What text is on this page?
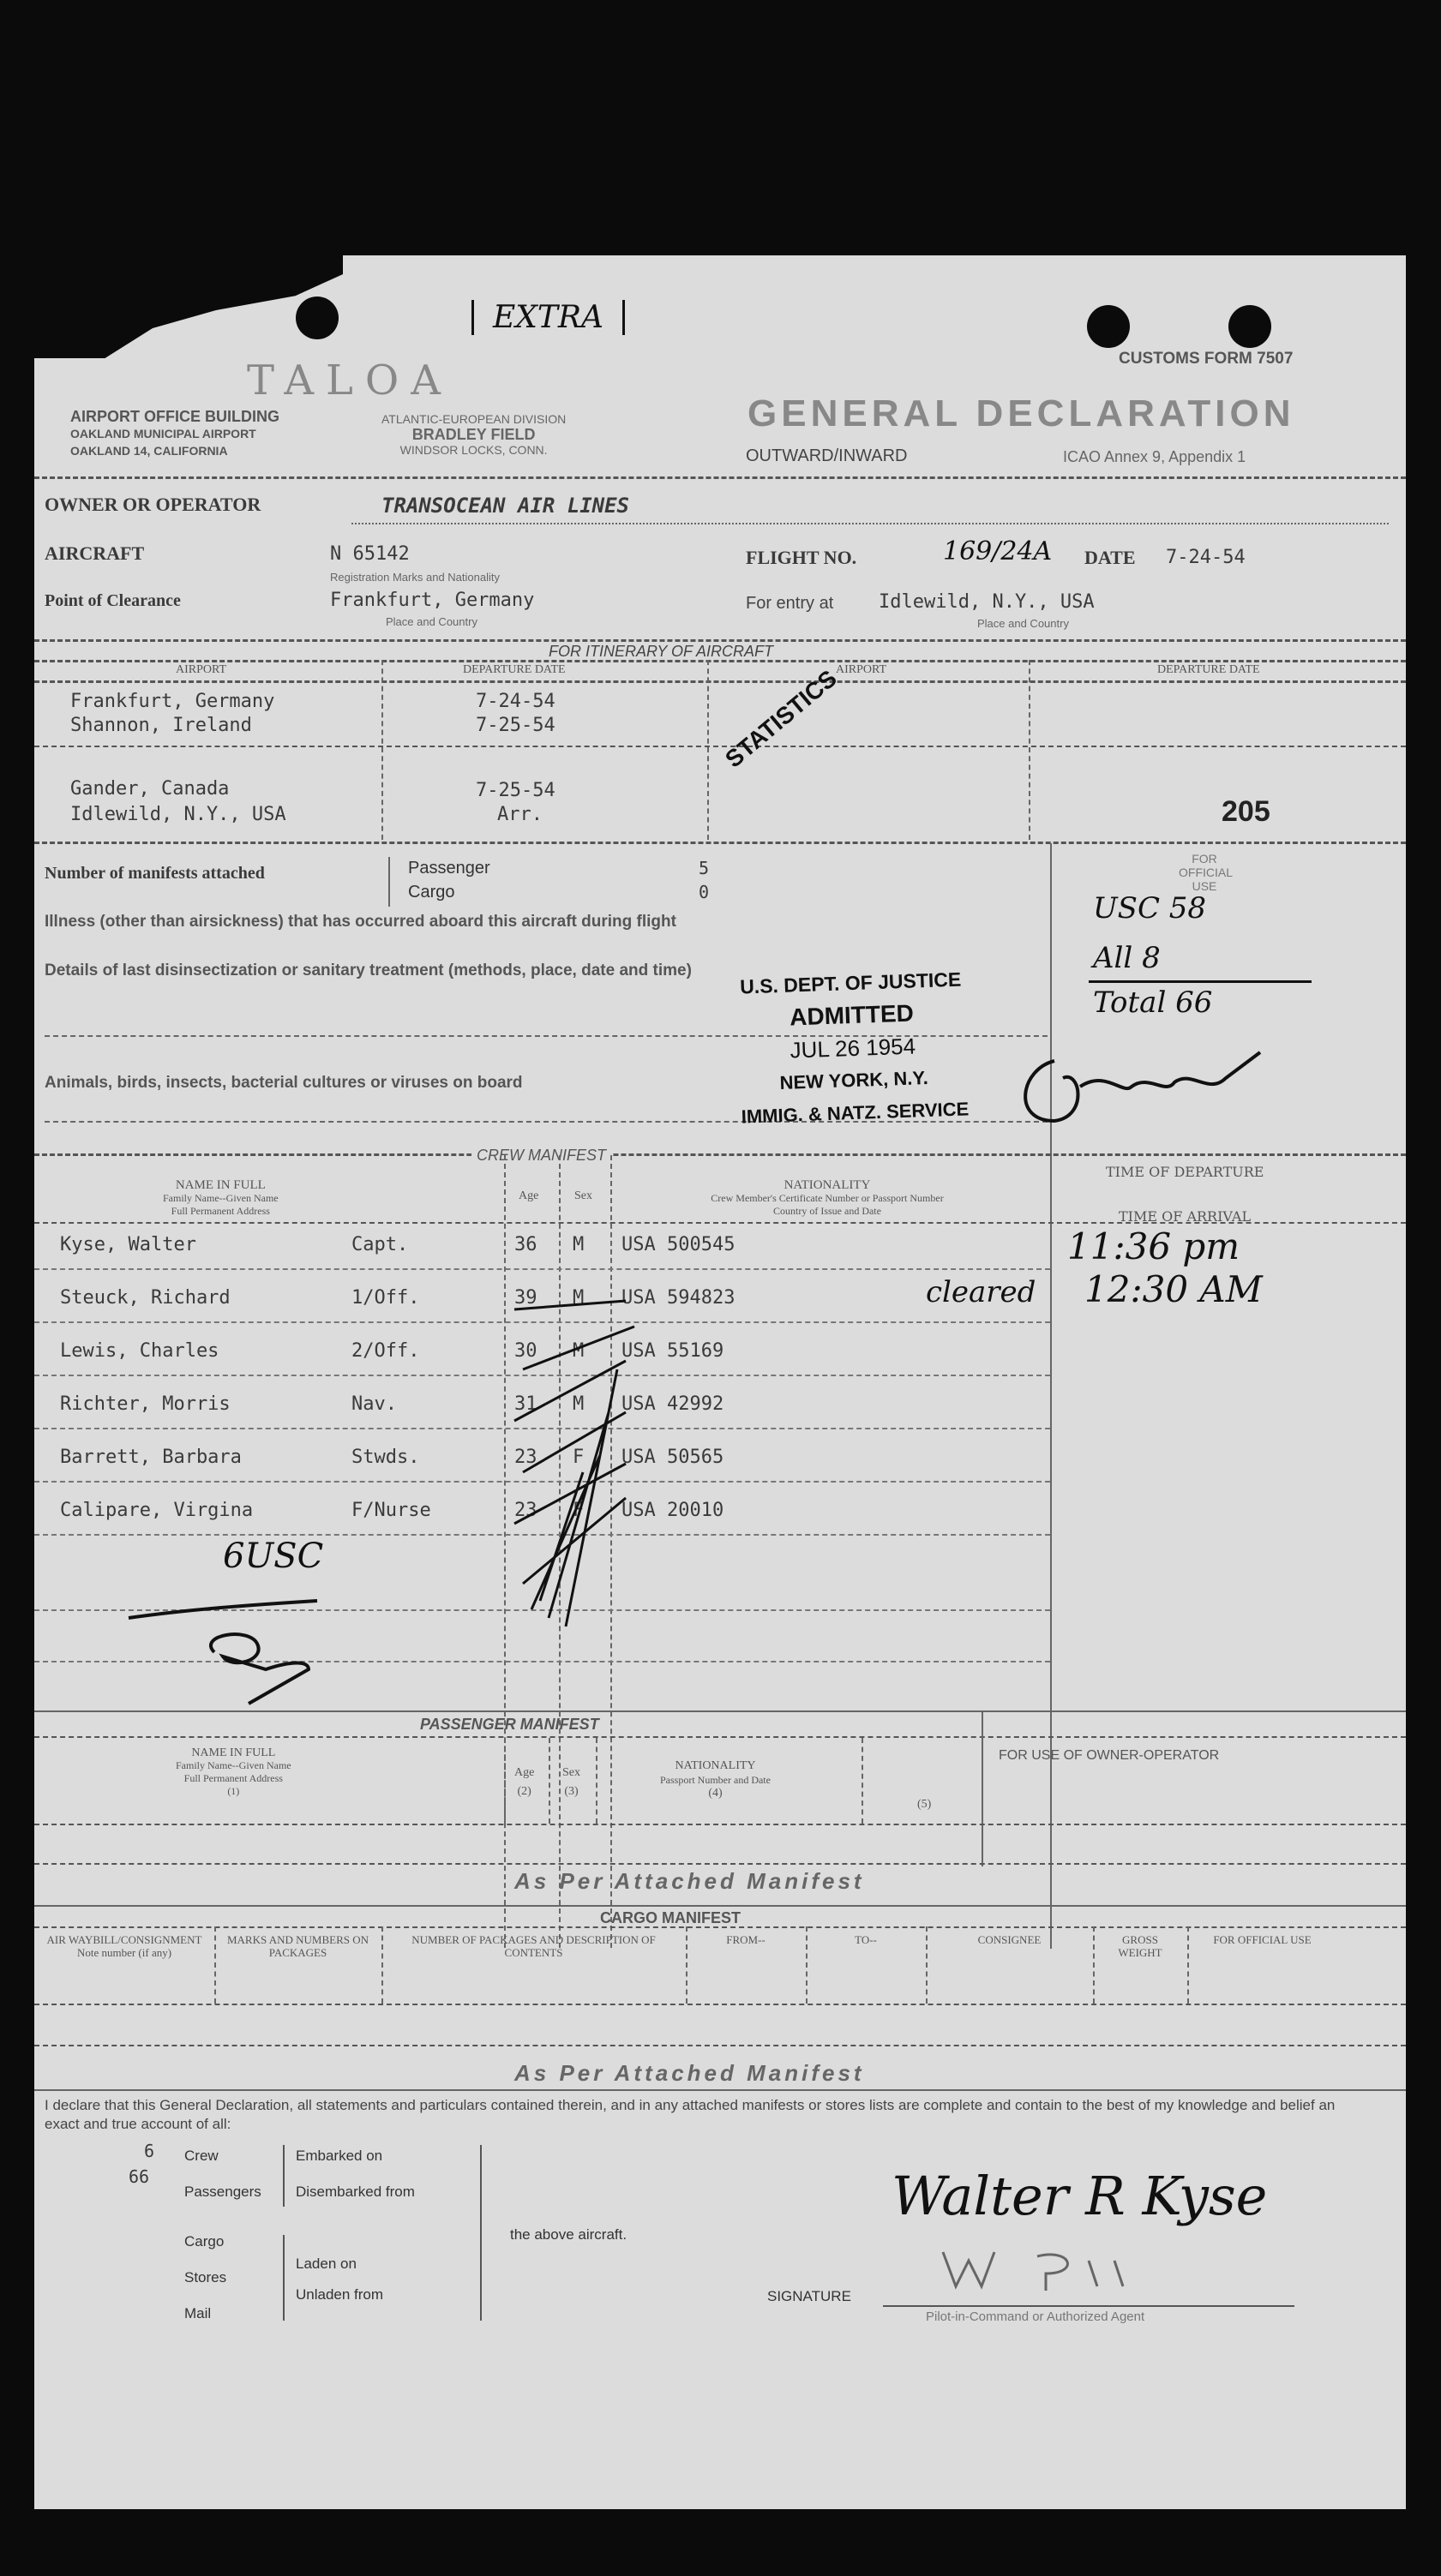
EXTRA
CUSTOMS FORM 7507
TALOA
AIRPORT OFFICE BUILDING
OAKLAND MUNICIPAL AIRPORT
OAKLAND 14, CALIFORNIA
ATLANTIC-EUROPEAN DIVISION
BRADLEY FIELD
WINDSOR LOCKS, CONN.
GENERAL DECLARATION
OUTWARD/INWARD	ICAO Annex 9, Appendix 1
OWNER OR OPERATOR	TRANSOCEAN AIR LINES
AIRCRAFT	N 65142
Registration Marks and Nationality
FLIGHT NO.	169/24A DATE 7-24-54
Point of Clearance	Frankfurt, Germany
Place and Country
For entry at Idlewild, N.Y., USA
Place and Country
FOR ITINERARY OF AIRCRAFT
AIRPORT	DEPARTURE DATE	AIRPORT	DEPARTURE DATE
Frankfurt, Germany	7-24-54
Shannon, Ireland	7-25-54
Gander, Canada	7-25-54
Idlewild, N.Y., USA	Arr.
STATISTICS
205
Number of manifests attached	Passenger	5
Cargo	0
Illness (other than airsickness) that has occurred aboard this aircraft during flight
Details of last disinsectization or sanitary treatment (methods, place, date and time)
Animals, birds, insects, bacterial cultures or viruses on board
FOR OFFICIAL USE
USC 58
All 8
Total 66
U.S. DEPT. OF JUSTICE
ADMITTED
JUL 26 1954
NEW YORK, N.Y.
IMMIG. & NATZ. SERVICE
CREW MANIFEST
NAME IN FULL
Family Name--Given Name
Full Permanent Address
Age	Sex
NATIONALITY
Crew Member's Certificate Number or Passport Number
Country of Issue and Date
TIME OF DEPARTURE
TIME OF ARRIVAL
11:36 pm
cleared 12:30 AM
Kyse, Walter	Capt.	36 M USA 500545
Steuck, Richard	1/Off.	39 M USA 594823
Lewis, Charles	2/Off.	30 M USA 55169
Richter, Morris	Nav.	31 M USA 42992
Barrett, Barbara	Stwds.	23 F USA 50565
Calipare, Virgina	F/Nurse	23 F USA 20010
6USC
PASSENGER MANIFEST
NAME IN FULL
Family Name--Given Name
Full Permanent Address
(1)
Age
(2)
Sex
(3)
NATIONALITY
Passport Number and Date
(4)
(5)
FOR USE OF OWNER-OPERATOR
As Per Attached Manifest
CARGO MANIFEST
AIR WAYBILL/CONSIGNMENT Note number (if any)
MARKS AND NUMBERS ON PACKAGES
NUMBER OF PACKAGES AND DESCRIPTION OF CONTENTS
FROM--	TO--	CONSIGNEE	GROSS WEIGHT
FOR OFFICIAL USE
As Per Attached Manifest
I declare that this General Declaration, all statements and particulars contained therein, and in any attached manifests or stores lists are complete and contain to the best of my knowledge and belief an exact and true account of all:
6
66
Crew
Passengers
Embarked on
Disembarked from
Cargo
Stores
Mail
Laden on
Unladen from
the above aircraft.
SIGNATURE
Pilot-in-Command or Authorized Agent
Walter R Kyse
